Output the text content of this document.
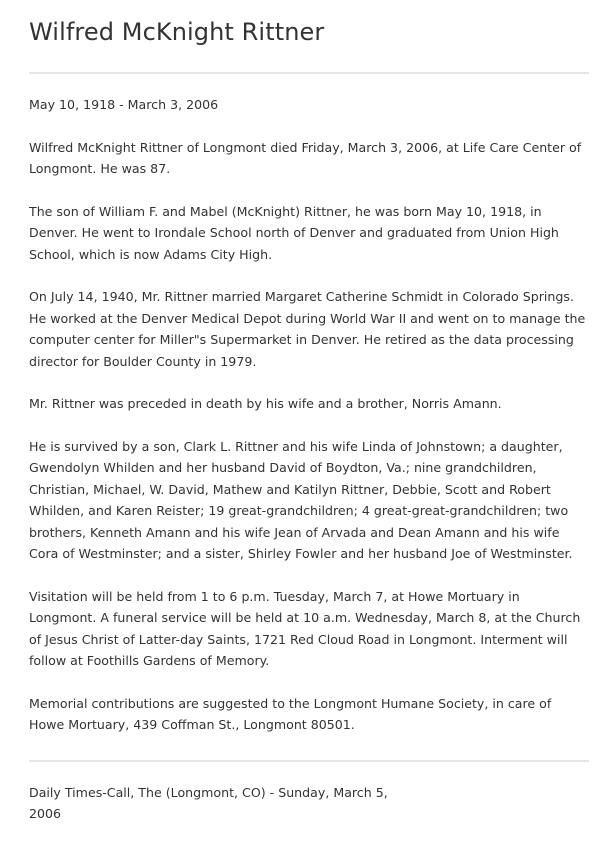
Wilfred McKnight Rittner

May 10, 1918 - March 3, 2006

Wilfred McKnight Rittner of Longmont died Friday, March 3, 2006, at Life Care Center of Longmont. He was 87.

The son of William F. and Mabel (McKnight) Rittner, he was born May 10, 1918, in Denver. He went to Irondale School north of Denver and graduated from Union High School, which is now Adams City High.

On July 14, 1940, Mr. Rittner married Margaret Catherine Schmidt in Colorado Springs. He worked at the Denver Medical Depot during World War II and went on to manage the computer center for Miller"s Supermarket in Denver. He retired as the data processing director for Boulder County in 1979.

Mr. Rittner was preceded in death by his wife and a brother, Norris Amann.

He is survived by a son, Clark L. Rittner and his wife Linda of Johnstown; a daughter, Gwendolyn Whilden and her husband David of Boydton, Va.; nine grandchildren, Christian, Michael, W. David, Mathew and Katilyn Rittner, Debbie, Scott and Robert Whilden, and Karen Reister; 19 great-grandchildren; 4 great-great-grandchildren; two brothers, Kenneth Amann and his wife Jean of Arvada and Dean Amann and his wife Cora of Westminster; and a sister, Shirley Fowler and her husband Joe of Westminster.

Visitation will be held from 1 to 6 p.m. Tuesday, March 7, at Howe Mortuary in Longmont. A funeral service will be held at 10 a.m. Wednesday, March 8, at the Church of Jesus Christ of Latter-day Saints, 1721 Red Cloud Road in Longmont. Interment will follow at Foothills Gardens of Memory.

Memorial contributions are suggested to the Longmont Humane Society, in care of Howe Mortuary, 439 Coffman St., Longmont 80501.

Daily Times-Call, The (Longmont, CO) - Sunday, March 5, 2006
